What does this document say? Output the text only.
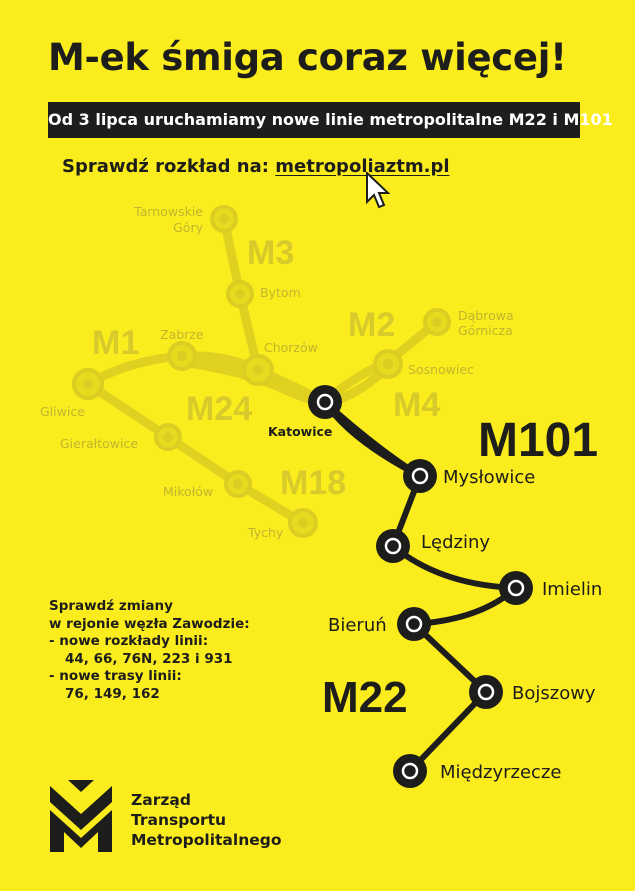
M-ek śmiga coraz więcej!
Od 3 lipca uruchamiamy nowe linie metropolitalne M22 i M101
Sprawdź rozkład na: metropoliaztm.pl
M3
M1	M2
M24	M4
M18
Tarnowskie
Góry
Bytom
Zabrze
Chorzów
Dąbrowa
Górnicza
Sosnowiec
Gliwice
Gierałtowice
Mikołów
Tychy
M101
M22
Katowice
Mysłowice
Lędziny
Imielin
Bieruń
Bojszowy
Międzyrzecze
Sprawdź zmiany
w rejonie węzła Zawodzie:
- nowe rozkłady linii:
44, 66, 76N, 223 i 931
- nowe trasy linii:
76, 149, 162
Zarząd
Transportu
Metropolitalnego
